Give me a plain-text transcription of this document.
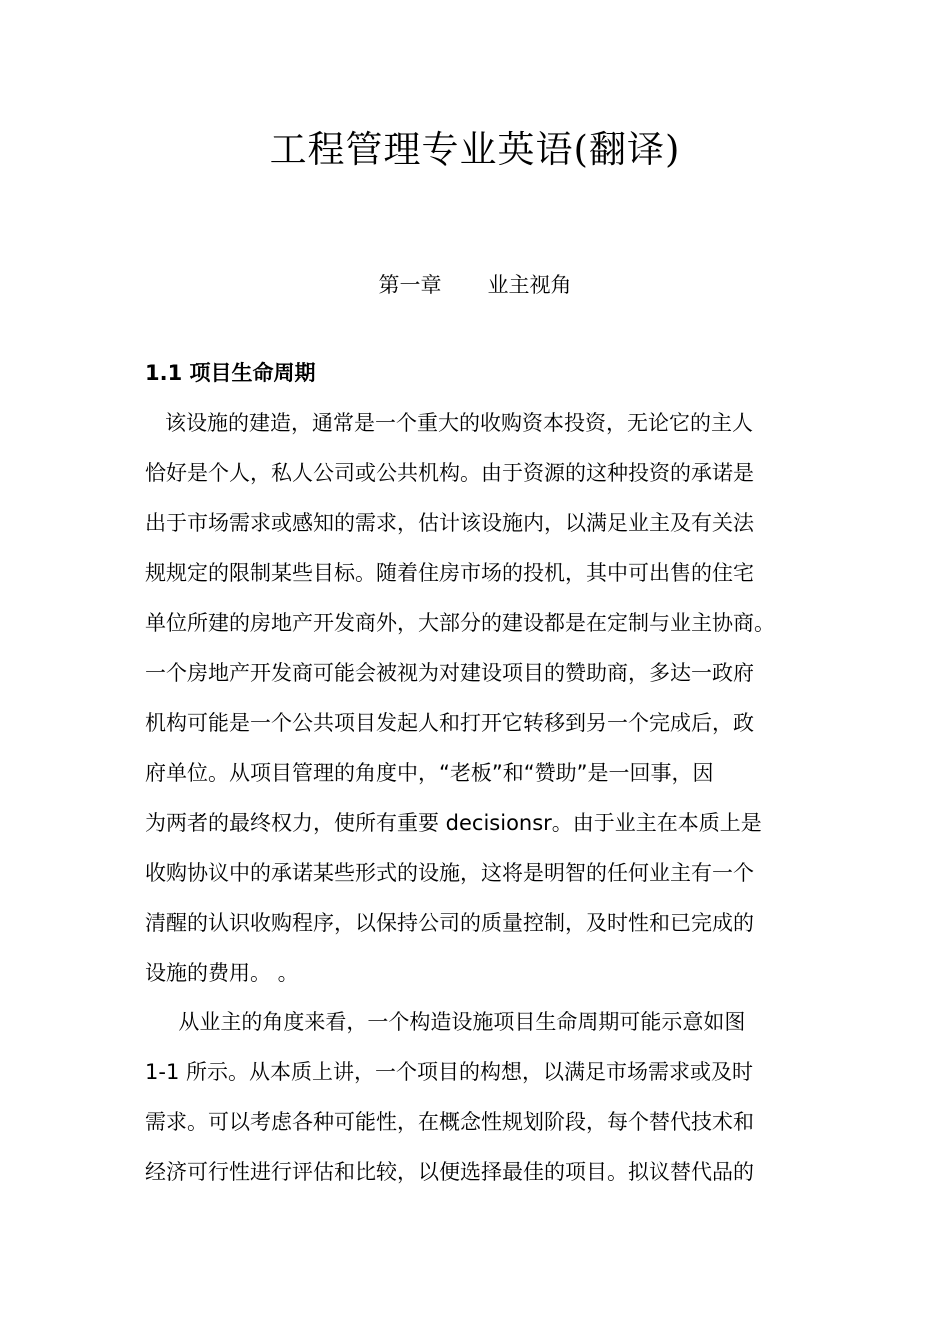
工程管理专业英语(翻译)
第一章 业主视角
1.1 项目生命周期
该设施的建造，通常是一个重大的收购资本投资，无论它的主人
恰好是个人，私人公司或公共机构。由于资源的这种投资的承诺是
出于市场需求或感知的需求，估计该设施内，以满足业主及有关法
规规定的限制某些目标。随着住房市场的投机，其中可出售的住宅
单位所建的房地产开发商外，大部分的建设都是在定制与业主协商。
一个房地产开发商可能会被视为对建设项目的赞助商，多达一政府
机构可能是一个公共项目发起人和打开它转移到另一个完成后，政
府单位。从项目管理的角度中，“老板”和“赞助”是一回事，因
为两者的最终权力，使所有重要 decisionsr。由于业主在本质上是
收购协议中的承诺某些形式的设施，这将是明智的任何业主有一个
清醒的认识收购程序，以保持公司的质量控制，及时性和已完成的
设施的费用。 。
从业主的角度来看，一个构造设施项目生命周期可能示意如图
1-1 所示。从本质上讲，一个项目的构想，以满足市场需求或及时
需求。可以考虑各种可能性，在概念性规划阶段，每个替代技术和
经济可行性进行评估和比较，以便选择最佳的项目。拟议替代品的
